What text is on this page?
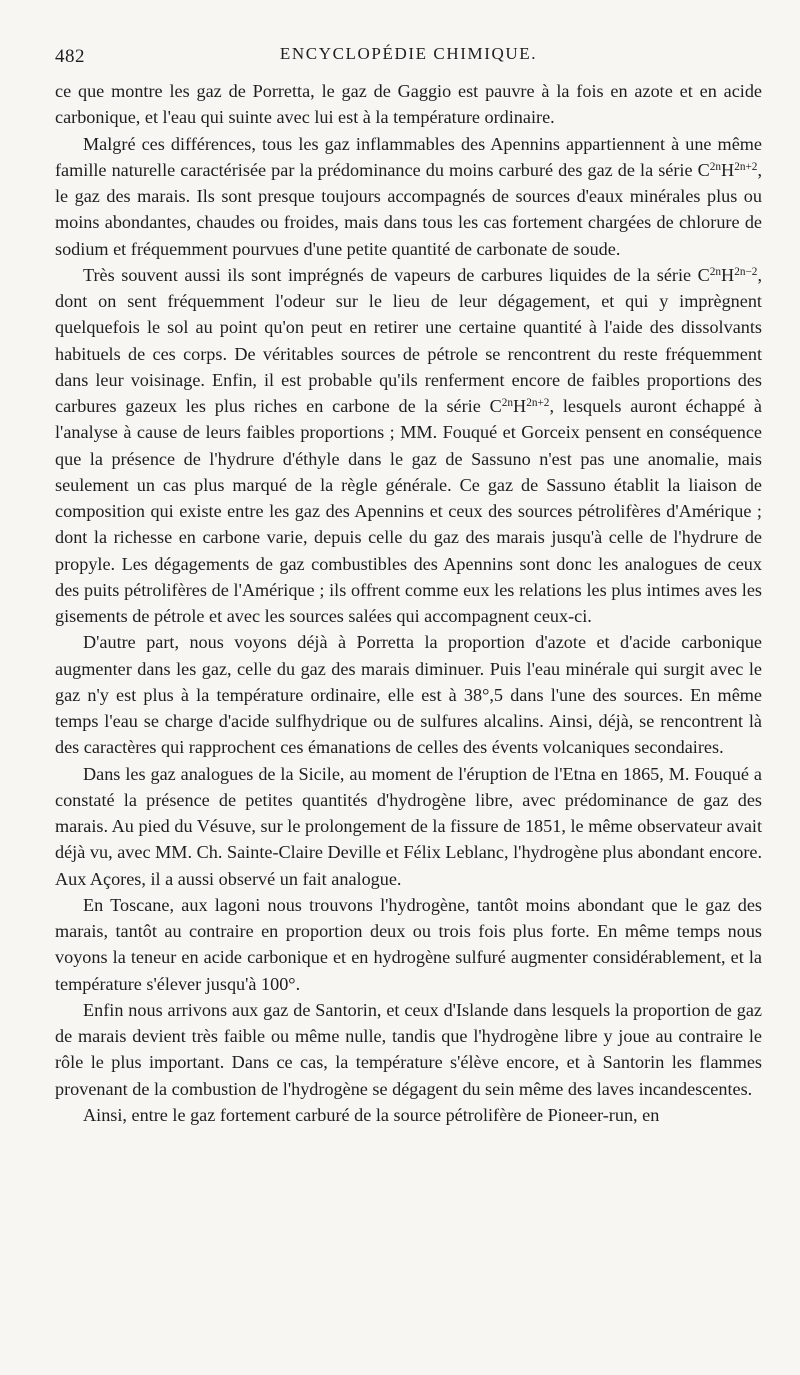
482	ENCYCLOPÉDIE CHIMIQUE.

ce que montre les gaz de Porretta, le gaz de Gaggio est pauvre à la fois en azote et en acide carbonique, et l'eau qui suinte avec lui est à la température ordinaire.

Malgré ces différences, tous les gaz inflammables des Apennins appartiennent à une même famille naturelle caractérisée par la prédominance du moins carburé des gaz de la série $C^{2n}H^{2n+2}$, le gaz des marais. Ils sont presque toujours accompagnés de sources d'eaux minérales plus ou moins abondantes, chaudes ou froides, mais dans tous les cas fortement chargées de chlorure de sodium et fréquemment pourvues d'une petite quantité de carbonate de soude.

Très souvent aussi ils sont imprégnés de vapeurs de carbures liquides de la série $C^{2n}H^{2n-2}$, dont on sent fréquemment l'odeur sur le lieu de leur dégagement, et qui y imprègnent quelquefois le sol au point qu'on peut en retirer une certaine quantité à l'aide des dissolvants habituels de ces corps. De véritables sources de pétrole se rencontrent du reste fréquemment dans leur voisinage. Enfin, il est probable qu'ils renferment encore de faibles proportions des carbures gazeux les plus riches en carbone de la série $C^{2n}H^{2n+2}$, lesquels auront échappé à l'analyse à cause de leurs faibles proportions ; MM. Fouqué et Gorceix pensent en conséquence que la présence de l'hydrure d'éthyle dans le gaz de Sassuno n'est pas une anomalie, mais seulement un cas plus marqué de la règle générale. Ce gaz de Sassuno établit la liaison de composition qui existe entre les gaz des Apennins et ceux des sources pétrolifères d'Amérique ; dont la richesse en carbone varie, depuis celle du gaz des marais jusqu'à celle de l'hydrure de propyle. Les dégagements de gaz combustibles des Apennins sont donc les analogues de ceux des puits pétrolifères de l'Amérique ; ils offrent comme eux les relations les plus intimes aves les gisements de pétrole et avec les sources salées qui accompagnent ceux-ci.

D'autre part, nous voyons déjà à Porretta la proportion d'azote et d'acide carbonique augmenter dans les gaz, celle du gaz des marais diminuer. Puis l'eau minérale qui surgit avec le gaz n'y est plus à la température ordinaire, elle est à 38°,5 dans l'une des sources. En même temps l'eau se charge d'acide sulfhydrique ou de sulfures alcalins. Ainsi, déjà, se rencontrent là des caractères qui rapprochent ces émanations de celles des évents volcaniques secondaires.

Dans les gaz analogues de la Sicile, au moment de l'éruption de l'Etna en 1865, M. Fouqué a constaté la présence de petites quantités d'hydrogène libre, avec prédominance de gaz des marais. Au pied du Vésuve, sur le prolongement de la fissure de 1851, le même observateur avait déjà vu, avec MM. Ch. Sainte-Claire Deville et Félix Leblanc, l'hydrogène plus abondant encore. Aux Açores, il a aussi observé un fait analogue.

En Toscane, aux lagoni nous trouvons l'hydrogène, tantôt moins abondant que le gaz des marais, tantôt au contraire en proportion deux ou trois fois plus forte. En même temps nous voyons la teneur en acide carbonique et en hydrogène sulfuré augmenter considérablement, et la température s'élever jusqu'à 100°.

Enfin nous arrivons aux gaz de Santorin, et ceux d'Islande dans lesquels la proportion de gaz de marais devient très faible ou même nulle, tandis que l'hydrogène libre y joue au contraire le rôle le plus important. Dans ce cas, la température s'élève encore, et à Santorin les flammes provenant de la combustion de l'hydrogène se dégagent du sein même des laves incandescentes.

Ainsi, entre le gaz fortement carburé de la source pétrolifère de Pioneer-run, en
